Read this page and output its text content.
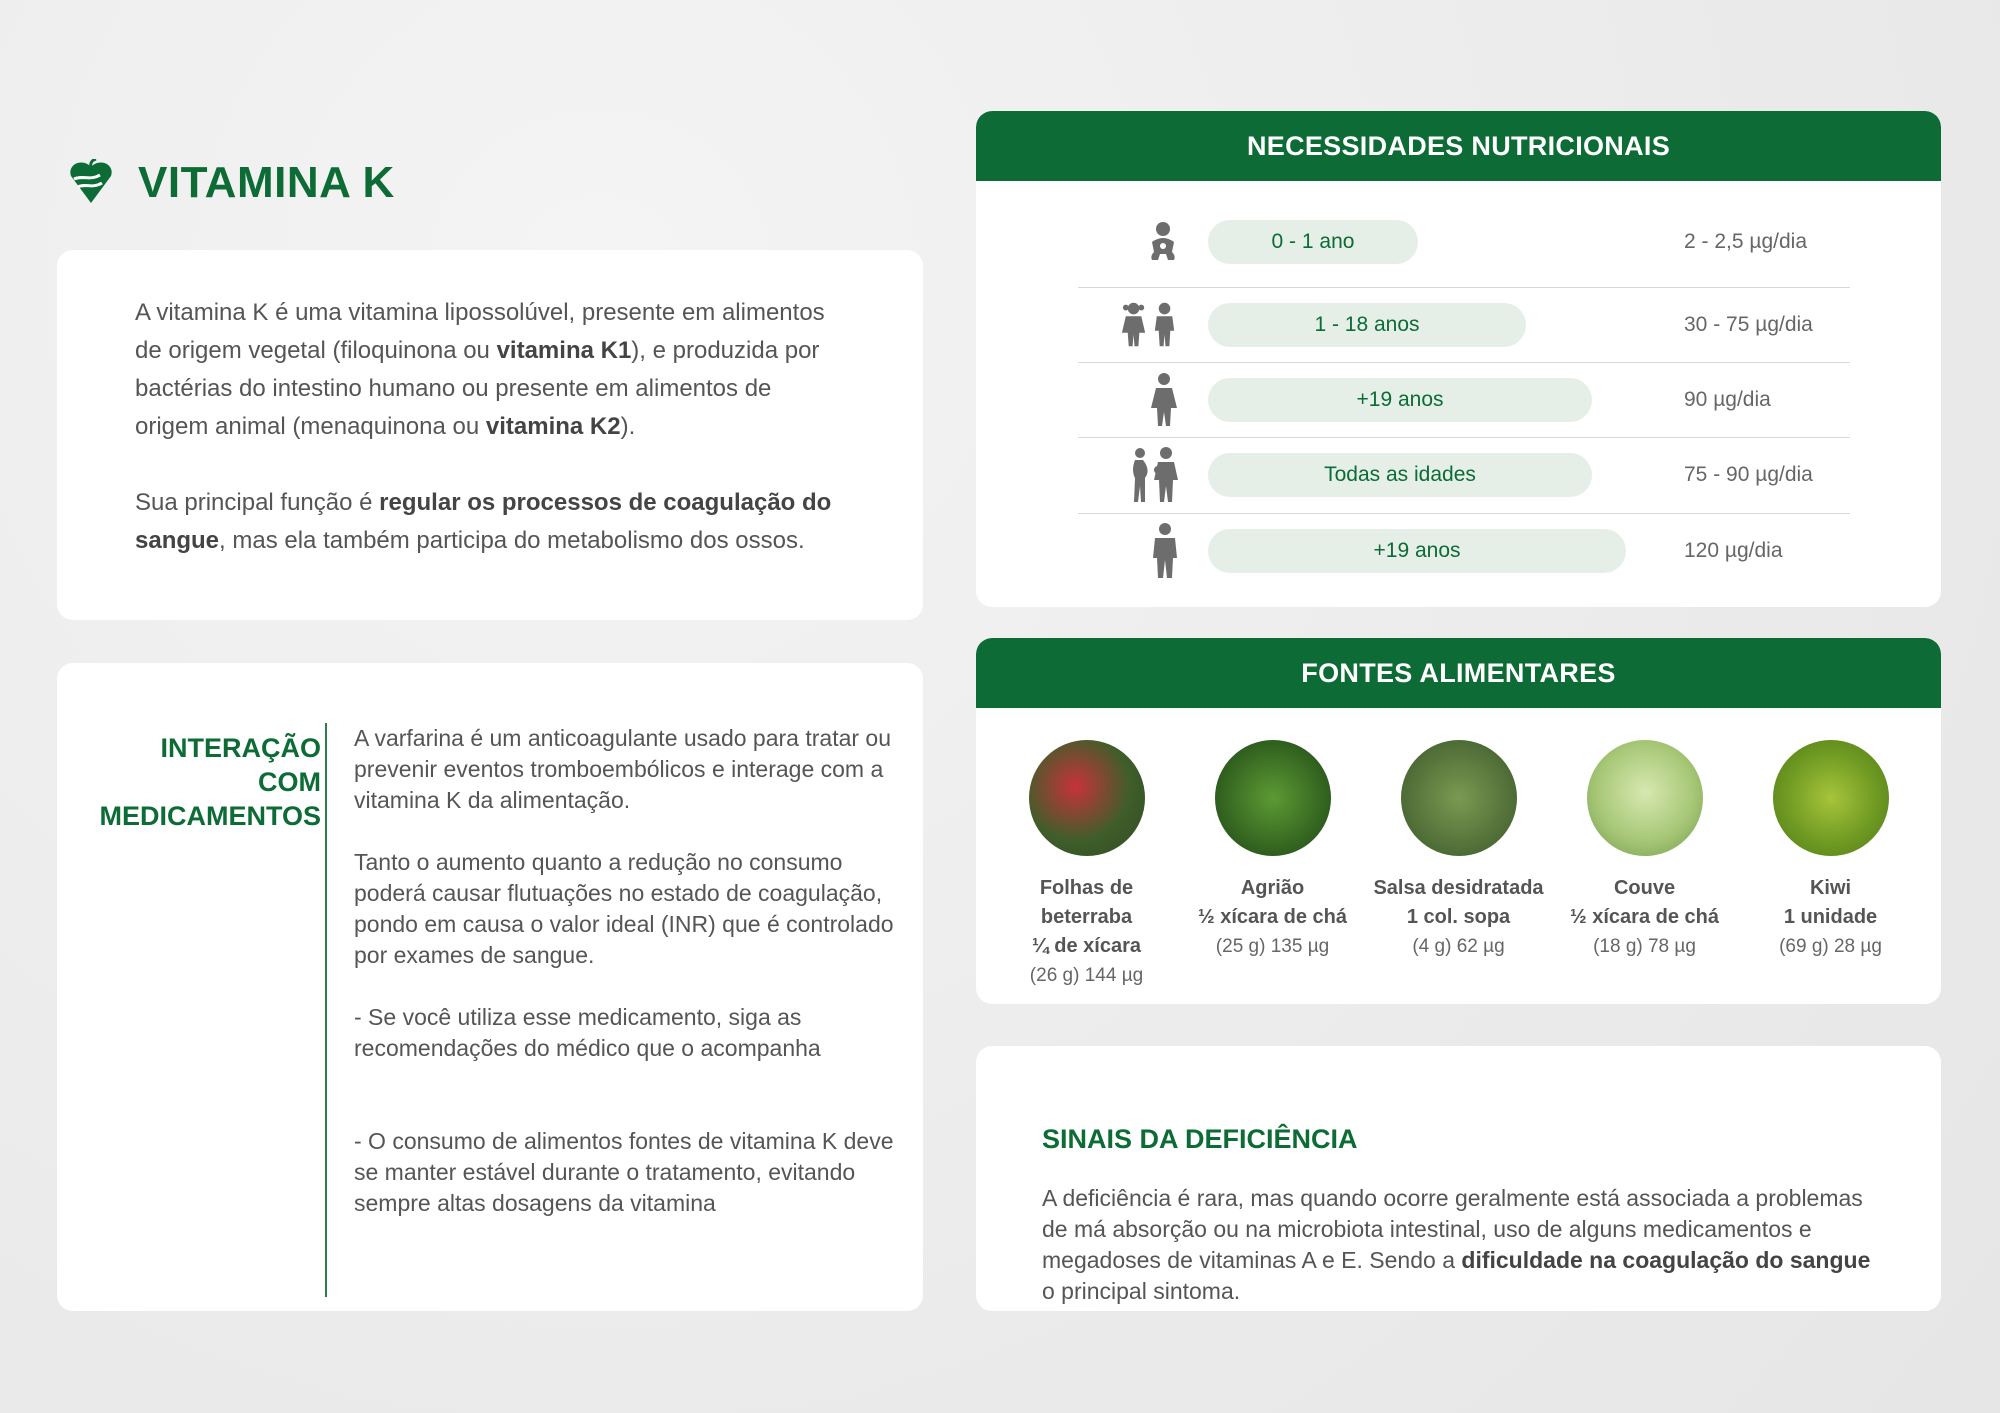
VITAMINA K

A vitamina K é uma vitamina lipossolúvel, presente em alimentos de origem vegetal (filoquinona ou vitamina K1), e produzida por bactérias do intestino humano ou presente em alimentos de origem animal (menaquinona ou vitamina K2).

Sua principal função é regular os processos de coagulação do sangue, mas ela também participa do metabolismo dos ossos.

INTERAÇÃO
COM
MEDICAMENTOS

A varfarina é um anticoagulante usado para tratar ou prevenir eventos tromboembólicos e interage com a vitamina K da alimentação.

Tanto o aumento quanto a redução no consumo poderá causar flutuações no estado de coagulação, pondo em causa o valor ideal (INR) que é controlado por exames de sangue.

- Se você utiliza esse medicamento, siga as recomendações do médico que o acompanha

- O consumo de alimentos fontes de vitamina K deve se manter estável durante o tratamento, evitando sempre altas dosagens da vitamina

NECESSIDADES NUTRICIONAIS
0 - 1 ano	2 - 2,5 µg/dia
1 - 18 anos	30 - 75 µg/dia
+19 anos	90 µg/dia
Todas as idades	75 - 90 µg/dia
+19 anos	120 µg/dia
FONTES ALIMENTARES
Folhas de beterraba
¼ de xícara
(26 g) 144 µg
Agrião
½ xícara de chá
(25 g) 135 µg
Salsa desidratada
1 col. sopa
(4 g) 62 µg
Couve
½ xícara de chá
(18 g) 78 µg
Kiwi
1 unidade
(69 g) 28 µg
SINAIS DA DEFICIÊNCIA

A deficiência é rara, mas quando ocorre geralmente está associada a problemas de má absorção ou na microbiota intestinal, uso de alguns medicamentos e megadoses de vitaminas A e E. Sendo a dificuldade na coagulação do sangue o principal sintoma.
